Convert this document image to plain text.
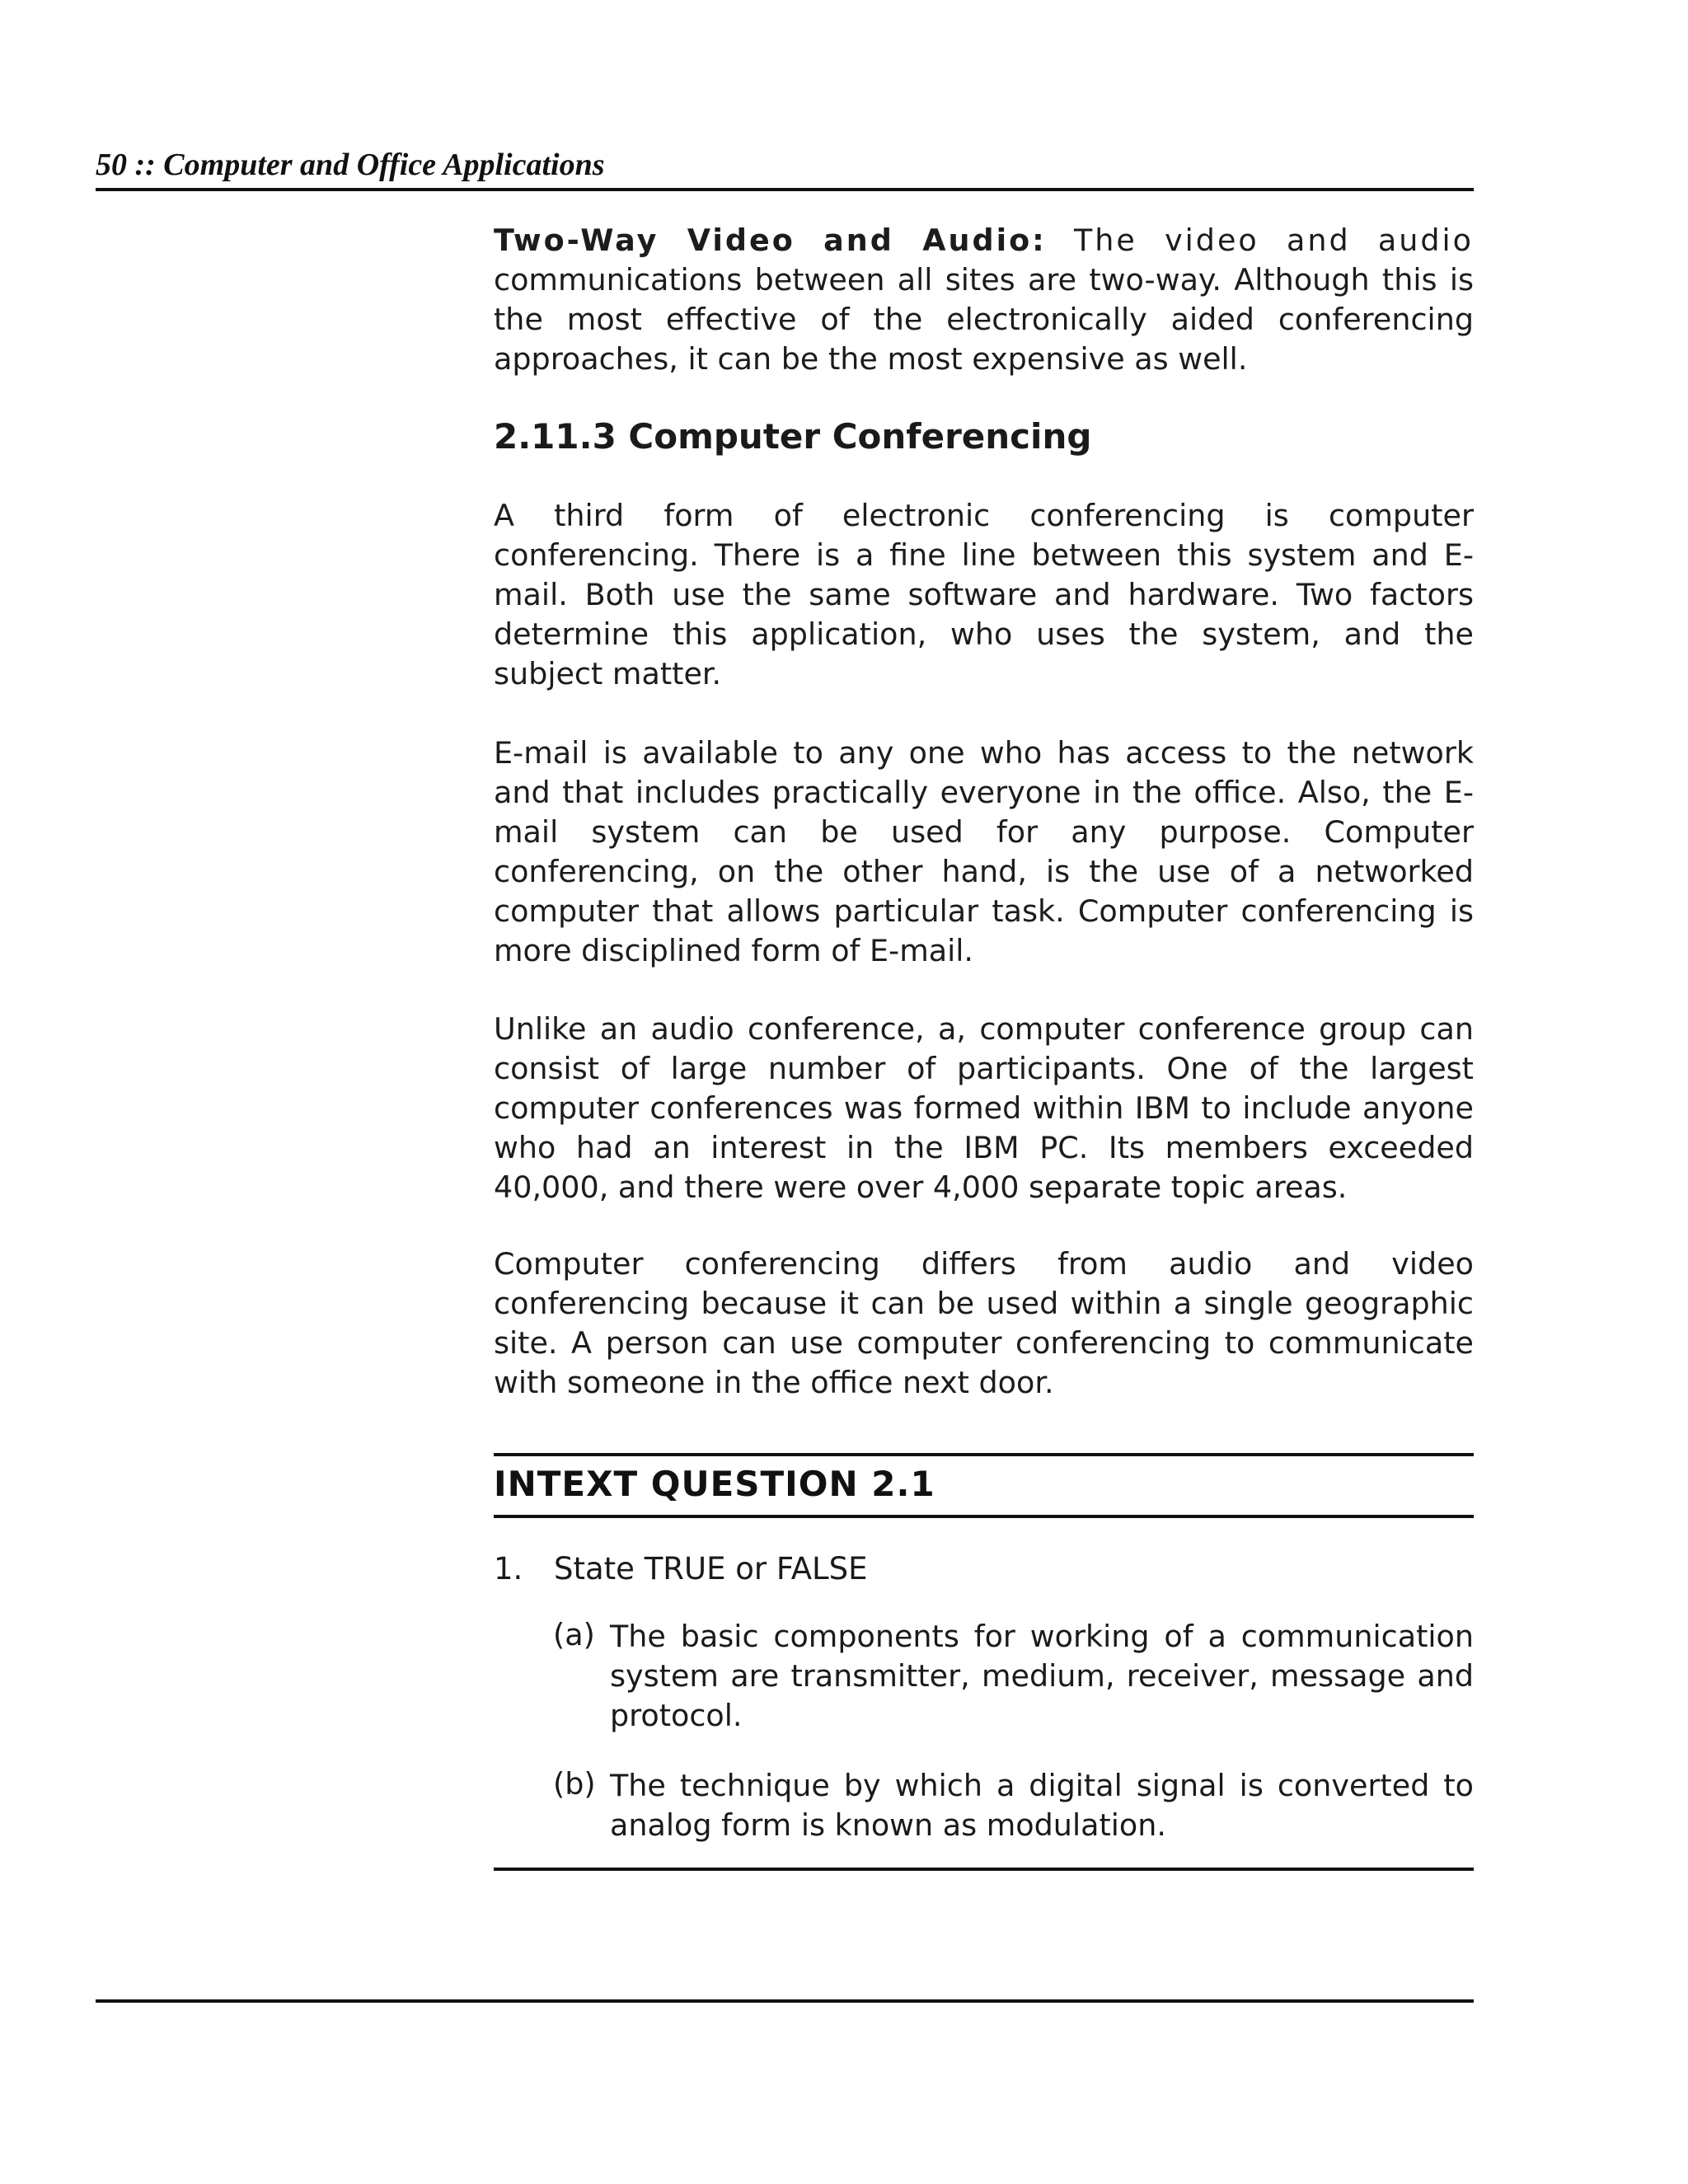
50 :: Computer and Office Applications

Two-Way Video and Audio: The video and audio communications between all sites are two-way. Although this is the most effective of the electronically aided conferencing approaches, it can be the most expensive as well.

2.11.3 Computer Conferencing

A third form of electronic conferencing is computer conferencing. There is a fine line between this system and E-mail. Both use the same software and hardware. Two factors determine this application, who uses the system, and the subject matter.

E-mail is available to any one who has access to the network and that includes practically everyone in the office. Also, the E-mail system can be used for any purpose. Computer conferencing, on the other hand, is the use of a networked computer that allows particular task. Computer conferencing is more disciplined form of E-mail.

Unlike an audio conference, a, computer conference group can consist of large number of participants. One of the largest computer conferences was formed within IBM to include anyone who had an interest in the IBM PC. Its members exceeded 40,000, and there were over 4,000 separate topic areas.

Computer conferencing differs from audio and video conferencing because it can be used within a single geographic site. A person can use computer conferencing to communicate with someone in the office next door.

INTEXT QUESTION 2.1
1. State TRUE or FALSE
(a) The basic components for working of a communication system are transmitter, medium, receiver, message and protocol.

(b) The technique by which a digital signal is converted to analog form is known as modulation.
